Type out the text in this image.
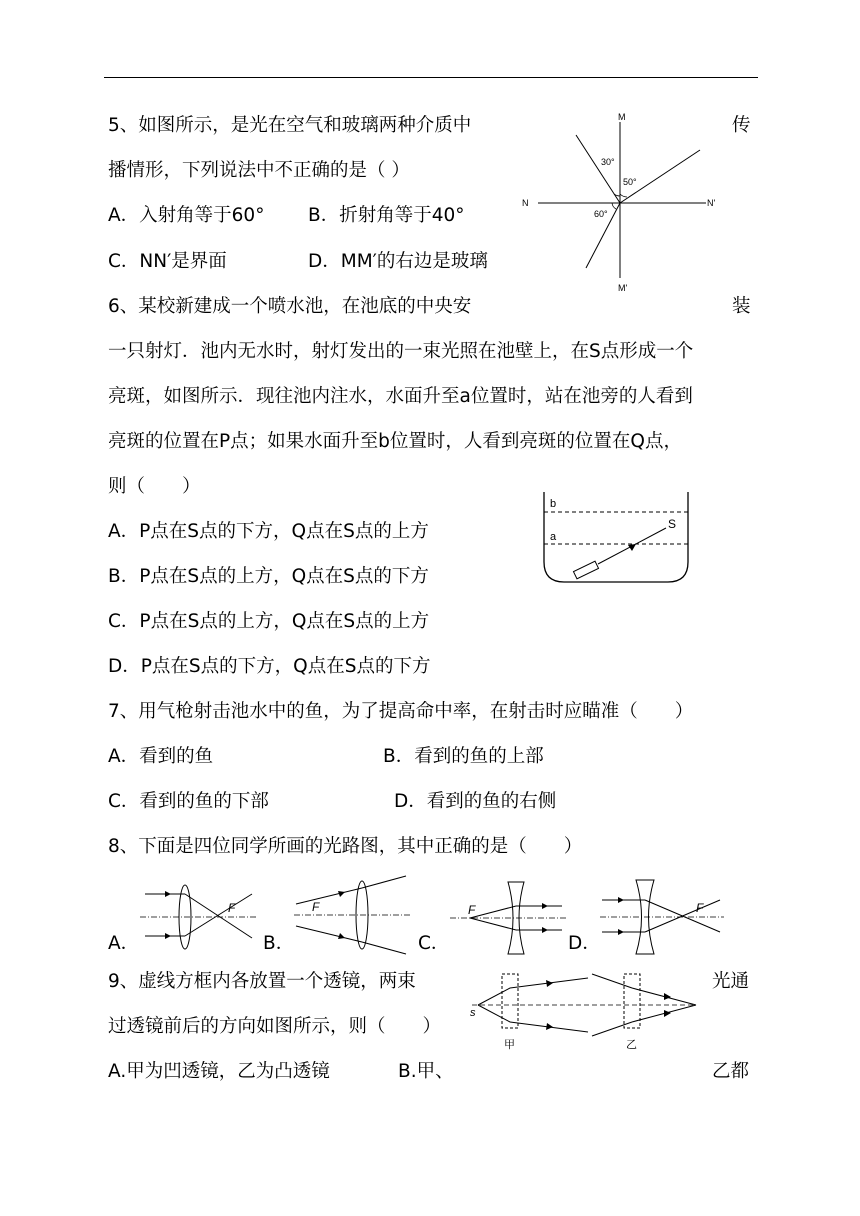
5、如图所示，是光在空气和玻璃两种介质中	传
播情形，下列说法中不正确的是（ ）
A．入射角等于60° B．折射角等于40°
C．NN′是界面	D．MM′的右边是玻璃
M
M'
N	N'
30°
50°
60°
6、某校新建成一个喷水池，在池底的中央安	装
一只射灯．池内无水时，射灯发出的一束光照在池壁上，在S点形成一个
亮斑，如图所示．现往池内注水，水面升至a位置时，站在池旁的人看到
亮斑的位置在P点；如果水面升至b位置时，人看到亮斑的位置在Q点，
则（　　）
A．P点在S点的下方，Q点在S点的上方
B．P点在S点的上方，Q点在S点的下方
C．P点在S点的上方，Q点在S点的上方
D．P点在S点的下方，Q点在S点的下方
b
a
S
7、用气枪射击池水中的鱼，为了提高命中率，在射击时应瞄准（　　）
A．看到的鱼	B．看到的鱼的上部
C．看到的鱼的下部	D．看到的鱼的右侧
8、下面是四位同学所画的光路图，其中正确的是（　　）
F
A．
F
B．
F
C．
F
D．
9、虚线方框内各放置一个透镜，两束	光通
过透镜前后的方向如图所示，则（　　）
A.甲为凹透镜，乙为凸透镜	B.甲、	乙都
s
甲	乙
